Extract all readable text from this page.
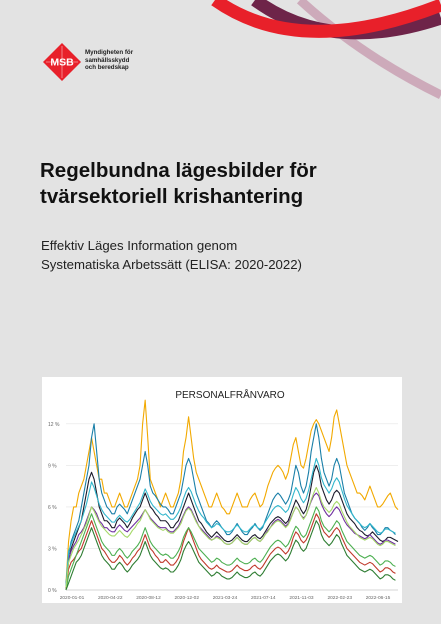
MSB
Myndigheten för
samhällsskydd
och beredskap
Regelbundna lägesbilder för
tvärsektoriell krishantering
Effektiv Läges Information genom
Systematiska Arbetssätt (ELISA: 2020-2022)
0 %
3 %
6 %
9 %
12 %
2020-01-01	2020-04-22	2020-08-12	2020-12-02	2021-03-24	2021-07-14	2021-11-03	2022-02-23	2022-06-15
PERSONALFRÅNVARO
